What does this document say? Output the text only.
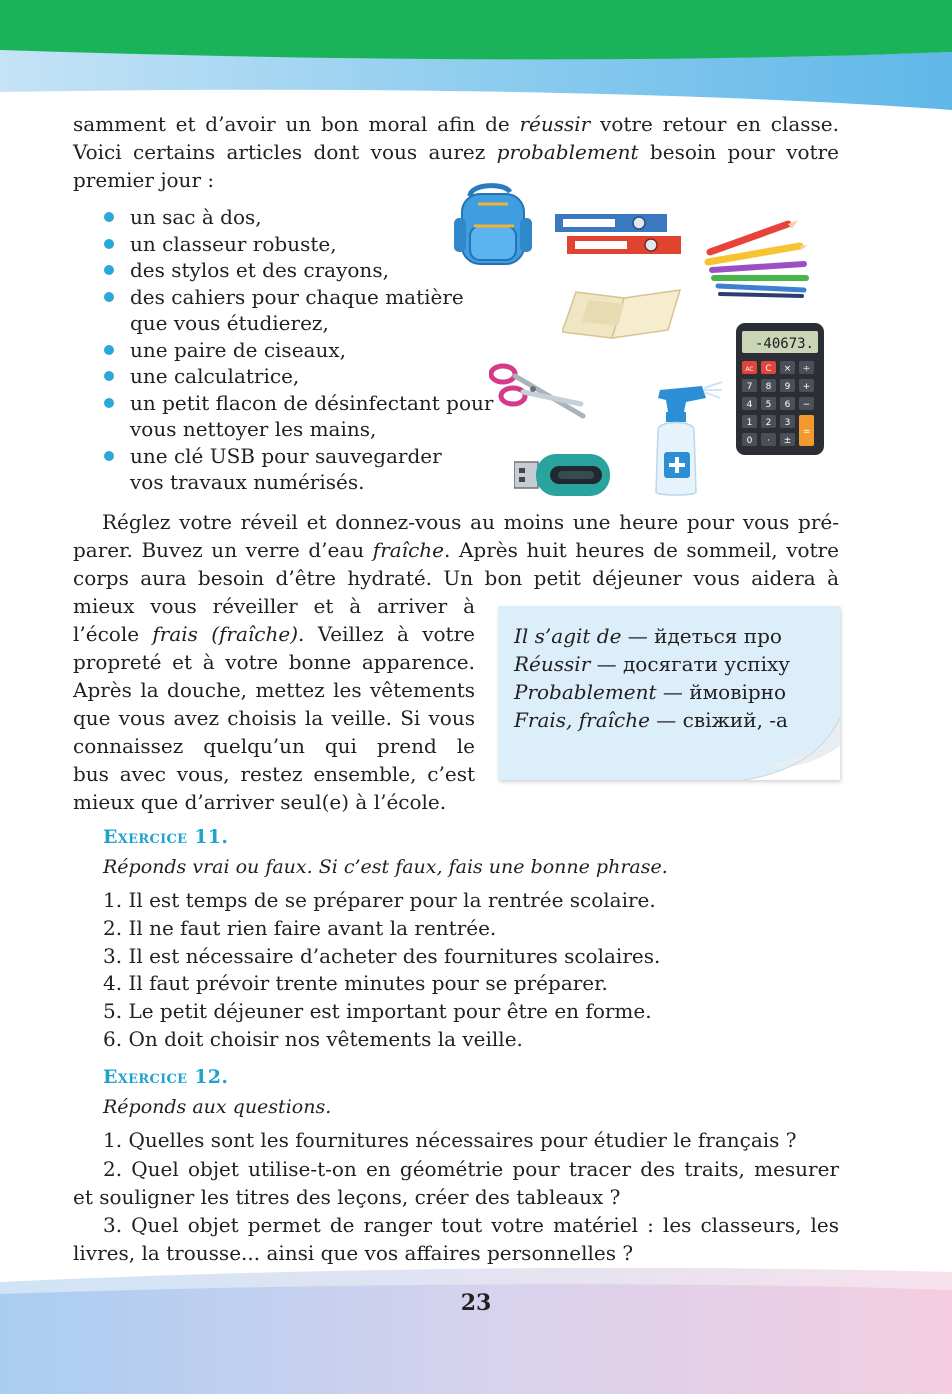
samment et d’avoir un bon moral afin de réussir votre retour en classe.
Voici certains articles dont vous aurez probablement besoin pour votre
premier jour :
un sac à dos,
un classeur robuste,
des stylos et des crayons,
des cahiers pour chaque matière
que vous étudierez,
une paire de ciseaux,
une calculatrice,
un petit flacon de désinfectant pour
vous nettoyer les mains,
une clé USB pour sauvegarder
vos travaux numérisés.
-40673.
AC C × ÷
7 8 9 +
4 5 6 −
1 2 3
=
0 · ±
Réglez votre réveil et donnez-vous au moins une heure pour vous pré-
parer. Buvez un verre d’eau fraîche. Après huit heures de sommeil, votre
corps aura besoin d’être hydraté. Un bon petit déjeuner vous aidera à
mieux vous réveiller et à arriver à
l’école frais (fraîche). Veillez à votre
propreté et à votre bonne apparence.
Après la douche, mettez les vêtements
que vous avez choisis la veille. Si vous
connaissez quelqu’un qui prend le
bus avec vous, restez ensemble, c’est
mieux que d’arriver seul(e) à l’école.
Il s’agit de — йдеться про
Réussir — досягати успіху
Probablement — ймовірно
Frais, fraîche — свіжий, -а
Exercice 11.
Réponds vrai ou faux. Si c’est faux, fais une bonne phrase.
1. Il est temps de se préparer pour la rentrée scolaire.
2. Il ne faut rien faire avant la rentrée.
3. Il est nécessaire d’acheter des fournitures scolaires.
4. Il faut prévoir trente minutes pour se préparer.
5. Le petit déjeuner est important pour être en forme.
6. On doit choisir nos vêtements la veille.
Exercice 12.
Réponds aux questions.
1. Quelles sont les fournitures nécessaires pour étudier le français ?
2. Quel objet utilise-t-on en géométrie pour tracer des traits, mesurer
et souligner les titres des leçons, créer des tableaux ?
3. Quel objet permet de ranger tout votre matériel : les classeurs, les
livres, la trousse... ainsi que vos affaires personnelles ?
23
